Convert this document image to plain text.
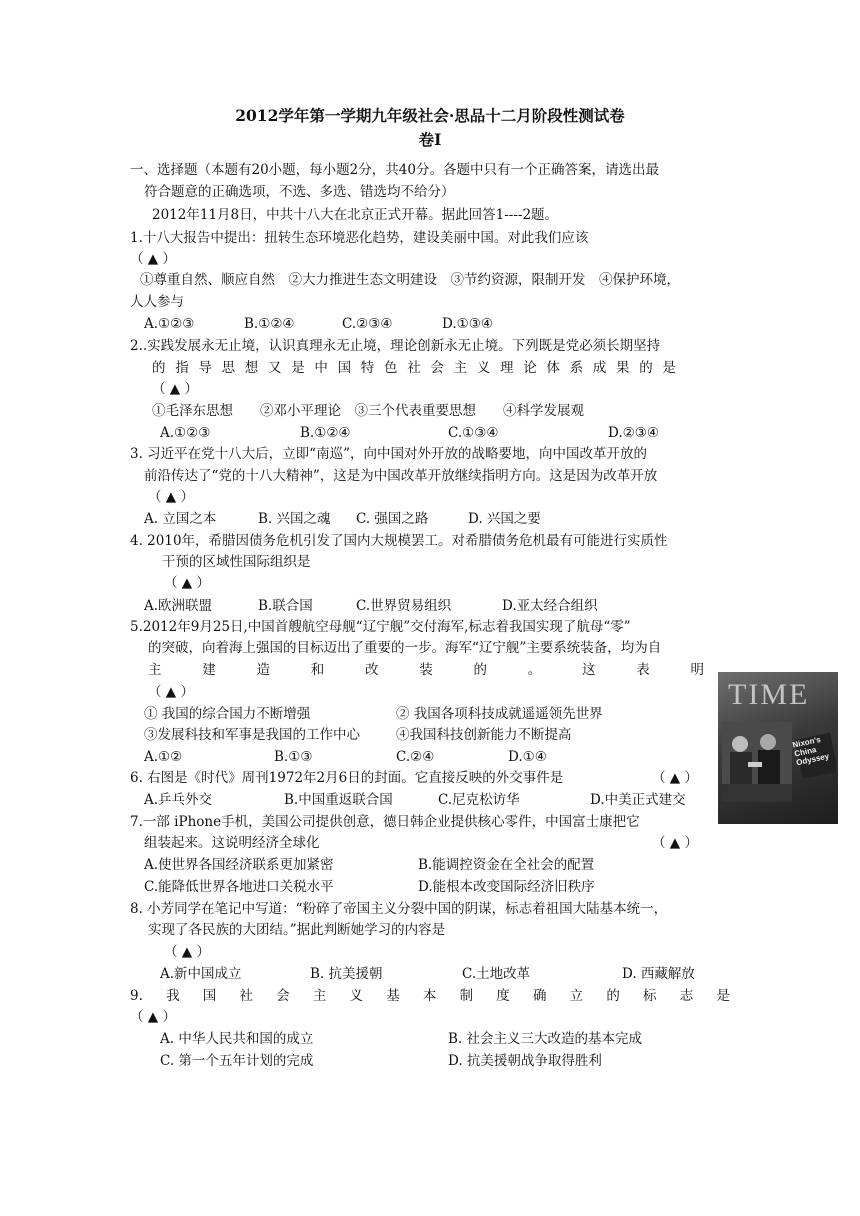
2012学年第一学期九年级社会·思品十二月阶段性测试卷
卷Ⅰ
一、选择题（本题有20小题，每小题2分，共40分。各题中只有一个正确答案，请选出最
符合题意的正确选项，不选、多选、错选均不给分）
2012年11月8日，中共十八大在北京正式开幕。据此回答1----2题。
1.十八大报告中提出：扭转生态环境恶化趋势，建设美丽中国。对此我们应该
（ ▲ ）
①尊重自然、顺应自然　②大力推进生态文明建设　③节约资源，限制开发　④保护环境，
人人参与
A.①②③	B.①②④	C.②③④	D.①③④
2..实践发展永无止境，认识真理永无止境，理论创新永无止境。下列既是党必须长期坚持
的指导思想又是中国特色社会主义理论体系成果的是
（ ▲ ）
①毛泽东思想　　②邓小平理论　③三个代表重要思想　　④科学发展观
A.①②③	B.①②④	C.①③④	D.②③④
3. 习近平在党十八大后，立即“南巡”，向中国对外开放的战略要地，向中国改革开放的
前沿传达了“党的十八大精神”，这是为中国改革开放继续指明方向。这是因为改革开放
（ ▲ ）
A. 立国之本	B. 兴国之魂 C. 强国之路	D. 兴国之要
4. 2010年，希腊因债务危机引发了国内大规模罢工。对希腊债务危机最有可能进行实质性
干预的区域性国际组织是
（ ▲ ）
A.欧洲联盟	B.联合国	C.世界贸易组织	D.亚太经合组织
5.2012年9月25日,中国首艘航空母舰“辽宁舰”交付海军,标志着我国实现了航母“零”
的突破，向着海上强国的目标迈出了重要的一步。海军“辽宁舰”主要系统装备，均为自
主	建	造	和	改	装	的	。	这	表	明
（ ▲ ）
① 我国的综合国力不断增强	② 我国各项科技成就遥遥领先世界
③发展科技和军事是我国的工作中心	④我国科技创新能力不断提高
A.①②	B.①③	C.②④	D.①④
TIME
Nixon's China Odyssey
6. 右图是《时代》周刊1972年2月6日的封面。它直接反映的外交事件是	（ ▲ ）
A.乒乓外交	B.中国重返联合国	C.尼克松访华	D.中美正式建交
7.一部 iPhone手机，美国公司提供创意，德日韩企业提供核心零件，中国富士康把它
组装起来。这说明经济全球化	（ ▲ ）
A.使世界各国经济联系更加紧密	B.能调控资金在全社会的配置
C.能降低世界各地进口关税水平	D.能根本改变国际经济旧秩序
8. 小芳同学在笔记中写道：“粉碎了帝国主义分裂中国的阴谋，标志着祖国大陆基本统一，
实现了各民族的大团结。”据此判断她学习的内容是
（ ▲ ）
A.新中国成立	B. 抗美援朝	C.土地改革	D. 西藏解放
9. 我 国 社 会 主 义 基 本 制 度 确 立 的 标 志 是
（ ▲ ）
A. 中华人民共和国的成立	B. 社会主义三大改造的基本完成
C. 第一个五年计划的完成	D. 抗美援朝战争取得胜利
